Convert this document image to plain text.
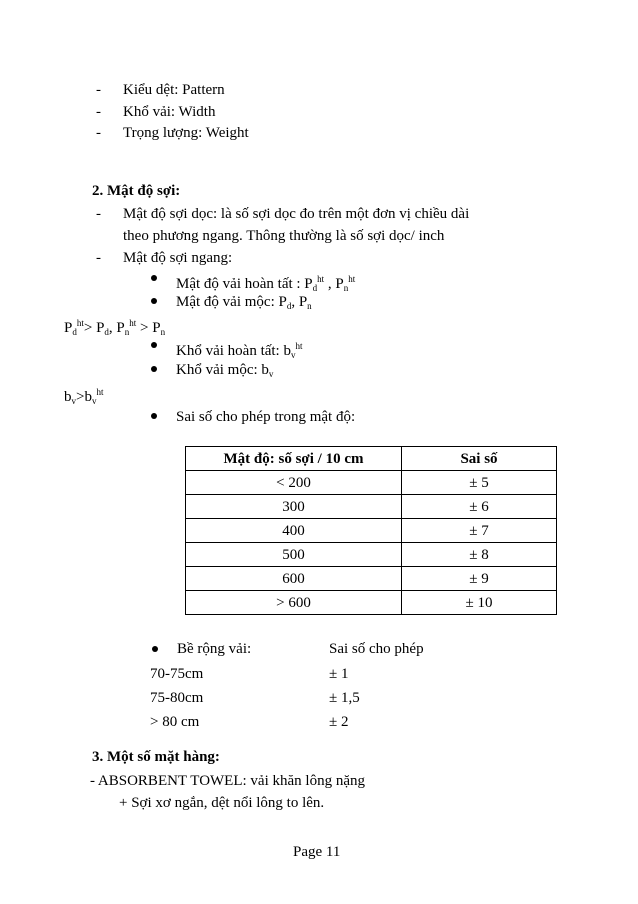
- Kiểu dệt: Pattern
- Khổ vải: Width
- Trọng lượng: Weight
2. Mật độ sợi:
- Mật độ sợi dọc: là số sợi dọc đo trên một đơn vị chiều dài
theo phương ngang. Thông thường là số sợi dọc/ inch
- Mật độ sợi ngang:
Mật độ vải hoàn tất : $P_d^{ht}$ , $P_n^{ht}$
Mật độ vải mộc: $P_d$, $P_n$
$P_d^{ht}> P_d$, $P_n^{ht} > P_n$
Khổ vải hoàn tất: $b_v^{ht}$
Khổ vải mộc: $b_v$
$b_v>b_v^{ht}$
Sai số cho phép trong mật độ:
Mật độ: số sợi / 10 cm	Sai số
< 200	± 5
300	± 6
400	± 7
500	± 8
600	± 9
> 600	± 10
Bề rộng vải:	Sai số cho phép
70-75cm	± 1
75-80cm	± 1,5
> 80 cm	± 2
3. Một số mặt hàng:
- ABSORBENT TOWEL: vải khăn lông nặng
+ Sợi xơ ngắn, dệt nổi lông to lên.
Page 11
